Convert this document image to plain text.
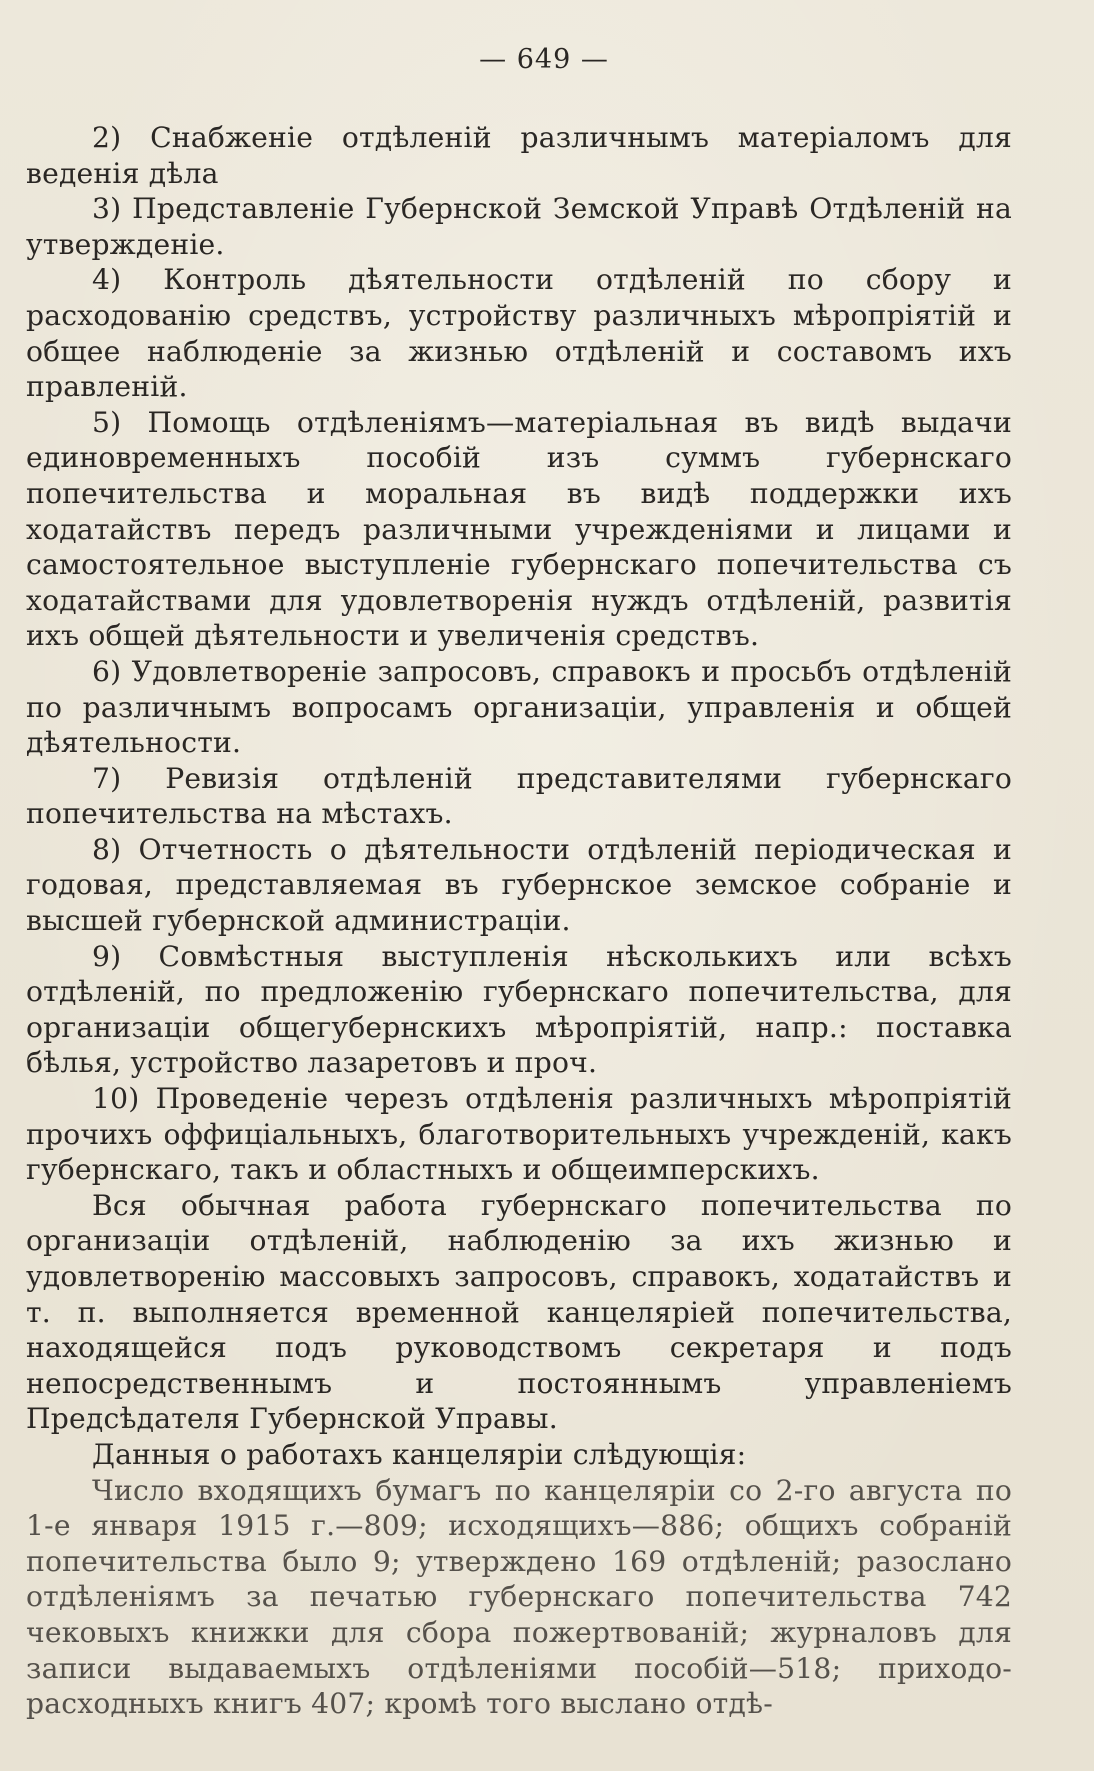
— 649 —

2) Снабженіе отдѣленій различнымъ матеріаломъ для веденія дѣла

3) Представленіе Губернской Земской Управѣ Отдѣленій на утвержденіе.

4) Контроль дѣятельности отдѣленій по сбору и расходованію средствъ, устройству различныхъ мѣропріятій и общее наблюденіе за жизнью отдѣленій и составомъ ихъ правленій.

5) Помощь отдѣленіямъ—матеріальная въ видѣ выдачи единовременныхъ пособій изъ суммъ губернскаго попечительства и моральная въ видѣ поддержки ихъ ходатайствъ передъ различными учрежденіями и лицами и самостоятельное выступленіе губернскаго попечительства съ ходатайствами для удовлетворенія нуждъ отдѣленій, развитія ихъ общей дѣятельности и увеличенія средствъ.

6) Удовлетвореніе запросовъ, справокъ и просьбъ отдѣленій по различнымъ вопросамъ организаціи, управленія и общей дѣятельности.

7) Ревизія отдѣленій представителями губернскаго попечительства на мѣстахъ.

8) Отчетность о дѣятельности отдѣленій періодическая и годовая, представляемая въ губернское земское собраніе и высшей губернской администраціи.

9) Совмѣстныя выступленія нѣсколькихъ или всѣхъ отдѣленій, по предложенію губернскаго попечительства, для организаціи общегубернскихъ мѣропріятій, напр.: поставка бѣлья, устройство лазаретовъ и проч.

10) Проведеніе черезъ отдѣленія различныхъ мѣропріятій прочихъ оффиціальныхъ, благотворительныхъ учрежденій, какъ губернскаго, такъ и областныхъ и общеимперскихъ.

Вся обычная работа губернскаго попечительства по организаціи отдѣленій, наблюденію за ихъ жизнью и удовлетворенію массовыхъ запросовъ, справокъ, ходатайствъ и т. п. выполняется временной канцеляріей попечительства, находящейся подъ руководствомъ секретаря и подъ непосредственнымъ и постояннымъ управленіемъ Предсѣдателя Губернской Управы.

Данныя о работахъ канцеляріи слѣдующія:

Число входящихъ бумагъ по канцеляріи со 2-го августа по 1-е января 1915 г.—809; исходящихъ—886; общихъ собраній попечительства было 9; утверждено 169 отдѣленій; разослано отдѣленіямъ за печатью губернскаго попечительства 742 чековыхъ книжки для сбора пожертвованій; журналовъ для записи выдаваемыхъ отдѣленіями пособій—518; приходо-расходныхъ книгъ 407; кромѣ того выслано отдѣ-
